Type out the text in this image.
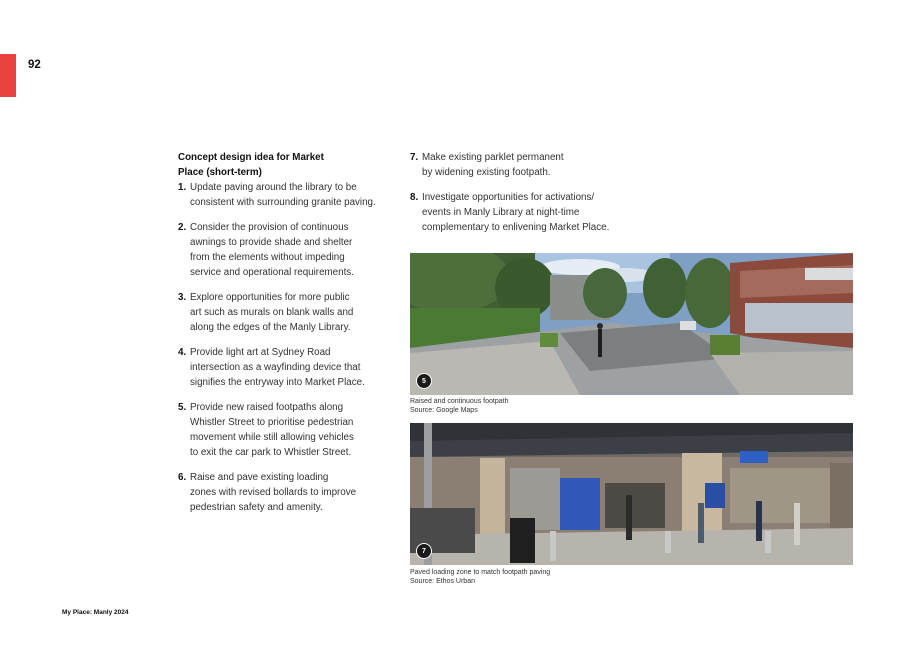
92
Concept design idea for Market
Place (short-term)
1. Update paving around the library to be
consistent with surrounding granite paving.
2. Consider the provision of continuous
awnings to provide shade and shelter
from the elements without impeding
service and operational requirements.
3. Explore opportunities for more public
art such as murals on blank walls and
along the edges of the Manly Library.
4. Provide light art at Sydney Road
intersection as a wayfinding device that
signifies the entryway into Market Place.
5. Provide new raised footpaths along
Whistler Street to prioritise pedestrian
movement while still allowing vehicles
to exit the car park to Whistler Street.
6. Raise and pave existing loading
zones with revised bollards to improve
pedestrian safety and amenity.
7. Make existing parklet permanent
by widening existing footpath.
8. Investigate opportunities for activations/
events in Manly Library at night-time
complementary to enlivening Market Place.
5
Raised and continuous footpath
Source: Google Maps
7
Paved loading zone to match footpath paving
Source: Ethos Urban
My Place: Manly 2024
